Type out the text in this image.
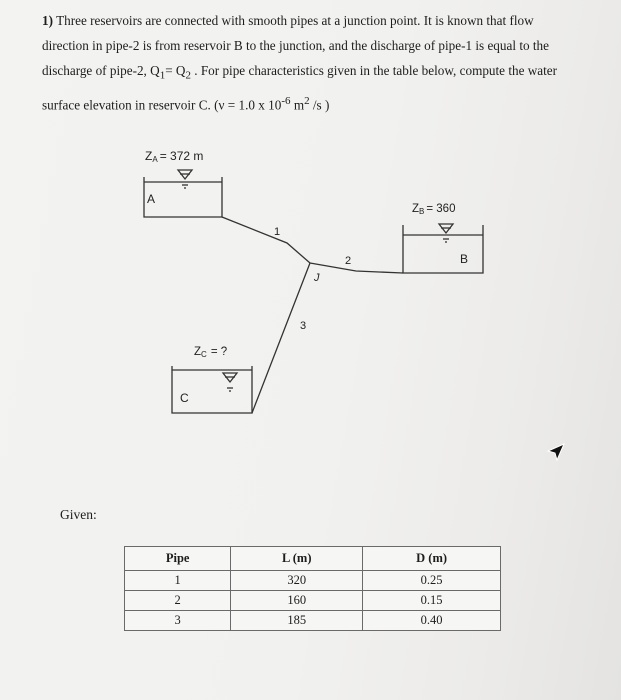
1) Three reservoirs are connected with smooth pipes at a junction point. It is known that flow direction in pipe-2 is from reservoir B to the junction, and the discharge of pipe-1 is equal to the discharge of pipe-2, $Q_1= Q_2$ . For pipe characteristics given in the table below, compute the water surface elevation in reservoir C. (ν = 1.0 x $10^{-6}$ $m^2$ /s )

ZA = 372 m
ZB = 360
ZC = ?
A
B
C
J
1
2
3
Given:
Pipe	L (m)	D (m)
1	320	0.25
2	160	0.15
3	185	0.40
